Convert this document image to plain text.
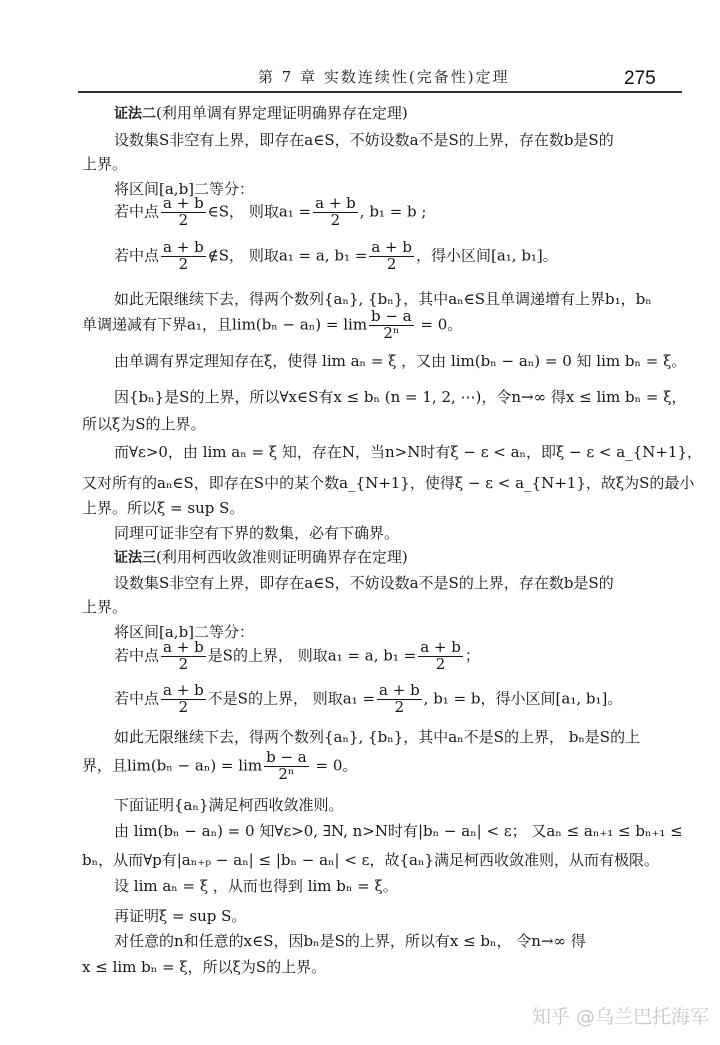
第 7 章 实数连续性(完备性)定理	275
证法二(利用单调有界定理证明确界存在定理)
设数集S非空有上界，即存在a∈S，不妨设数a不是S的上界，存在数b是S的
上界。
将区间[a,b]二等分：
若中点 $\frac{a + b}{2}$ ∈S， 则取$a_1 = \frac{a + b}{2}$ , b₁ = b ;
若中点 $\frac{a + b}{2}$ ∉S， 则取a₁ = a, $b_1 = \frac{a + b}{2}$ ，得小区间[a₁, b₁]。
如此无限继续下去，得两个数列{aₙ}, {bₙ}，其中aₙ∈S且单调递增有上界b₁，bₙ
单调递减有下界a₁，且$\lim(b_n - a_n) = \lim \frac{b - a}{\text{2ⁿ}} = 0$。
由单调有界定理知存在ξ，使得 lim aₙ = ξ ，又由 lim(bₙ − aₙ) = 0 知 lim bₙ = ξ。
因{bₙ}是S的上界，所以∀x∈S有x ≤ bₙ (n = 1, 2, ⋯)，令n→∞ 得x ≤ lim bₙ = ξ，
所以ξ为S的上界。
而∀ε>0，由 lim aₙ = ξ 知，存在N，当n>N时有ξ − ε < aₙ，即ξ − ε < a_{N+1}，
又对所有的aₙ∈S，即存在S中的某个数a_{N+1}，使得ξ − ε < a_{N+1}，故ξ为S的最小
上界。所以ξ = sup S。
同理可证非空有下界的数集，必有下确界。
证法三(利用柯西收敛准则证明确界存在定理)
设数集S非空有上界，即存在a∈S，不妨设数a不是S的上界，存在数b是S的
上界。
将区间[a,b]二等分：
若中点 $\frac{a + b}{2}$ 是S的上界， 则取a₁ = a, $b_1 = \frac{a + b}{2}$ ；
若中点 $\frac{a + b}{2}$ 不是S的上界， 则取$a_1 = \frac{a + b}{2}$ , b₁ = b，得小区间[a₁, b₁]。
如此无限继续下去，得两个数列{aₙ}, {bₙ}，其中aₙ不是S的上界， bₙ是S的上
界，且$\lim(b_n - a_n) = \lim \frac{b - a}{\text{2ⁿ}} = 0$。
下面证明{aₙ}满足柯西收敛准则。
由 lim(bₙ − aₙ) = 0 知∀ε>0, ∃N, n>N时有|bₙ − aₙ| < ε； 又aₙ ≤ aₙ₊₁ ≤ bₙ₊₁ ≤
bₙ，从而∀p有|aₙ₊ₚ − aₙ| ≤ |bₙ − aₙ| < ε，故{aₙ}满足柯西收敛准则，从而有极限。
设 lim aₙ = ξ ，从而也得到 lim bₙ = ξ。
再证明ξ = sup S。
对任意的n和任意的x∈S，因bₙ是S的上界，所以有x ≤ bₙ， 令n→∞ 得
x ≤ lim bₙ = ξ，所以ξ为S的上界。
知乎 @乌兰巴托海军
